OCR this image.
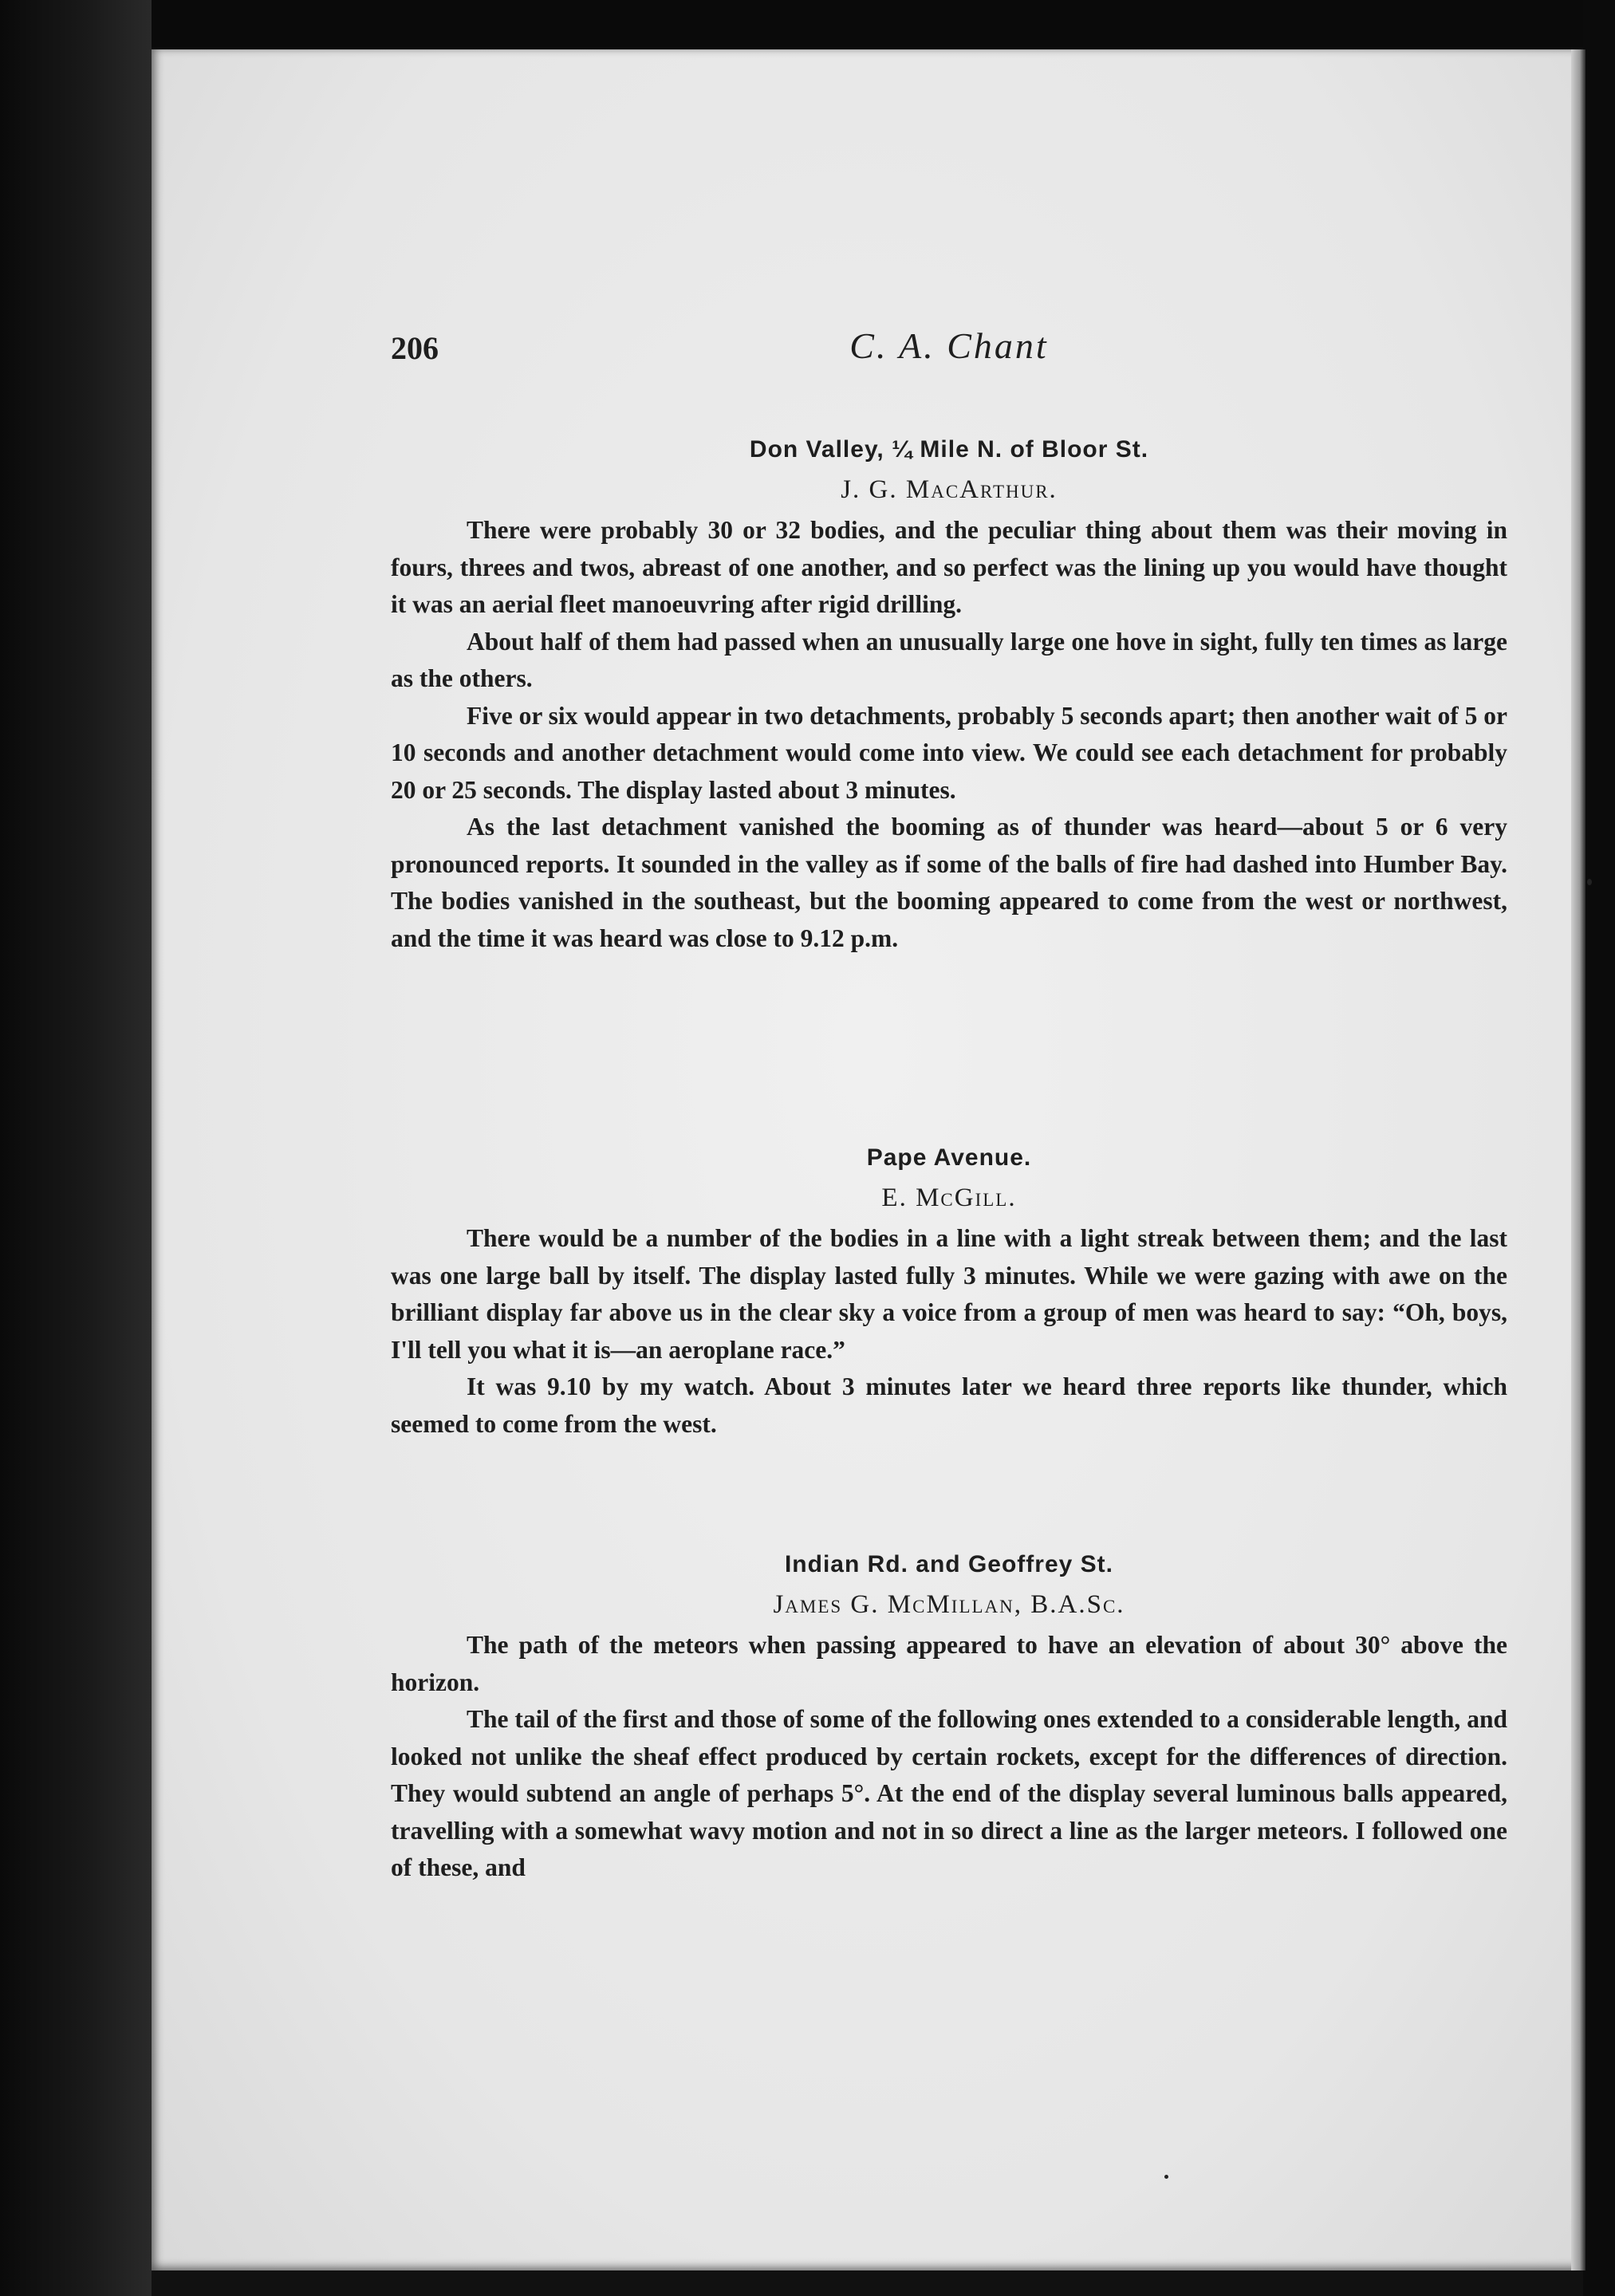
206	C. A. Chant
Don Valley, ¼ Mile N. of Bloor St.
J. G. MacArthur.

There were probably 30 or 32 bodies, and the peculiar thing about them was their moving in fours, threes and twos, abreast of one another, and so perfect was the lining up you would have thought it was an aerial fleet manoeuvring after rigid drilling.

About half of them had passed when an unusually large one hove in sight, fully ten times as large as the others.

Five or six would appear in two detachments, probably 5 seconds apart; then another wait of 5 or 10 seconds and another detachment would come into view. We could see each detachment for probably 20 or 25 seconds. The display lasted about 3 minutes.

As the last detachment vanished the booming as of thunder was heard—about 5 or 6 very pronounced reports. It sounded in the valley as if some of the balls of fire had dashed into Humber Bay. The bodies vanished in the southeast, but the booming appeared to come from the west or northwest, and the time it was heard was close to 9.12 p.m.

Pape Avenue.
E. McGill.

There would be a number of the bodies in a line with a light streak between them; and the last was one large ball by itself. The display lasted fully 3 minutes. While we were gazing with awe on the brilliant display far above us in the clear sky a voice from a group of men was heard to say: “Oh, boys, I'll tell you what it is—an aeroplane race.”

It was 9.10 by my watch. About 3 minutes later we heard three reports like thunder, which seemed to come from the west.

Indian Rd. and Geoffrey St.
James G. McMillan, B.A.Sc.

The path of the meteors when passing appeared to have an elevation of about 30° above the horizon.

The tail of the first and those of some of the following ones extended to a considerable length, and looked not unlike the sheaf effect produced by certain rockets, except for the differences of direction. They would subtend an angle of perhaps 5°. At the end of the display several luminous balls appeared, travelling with a somewhat wavy motion and not in so direct a line as the larger meteors. I followed one of these, and
